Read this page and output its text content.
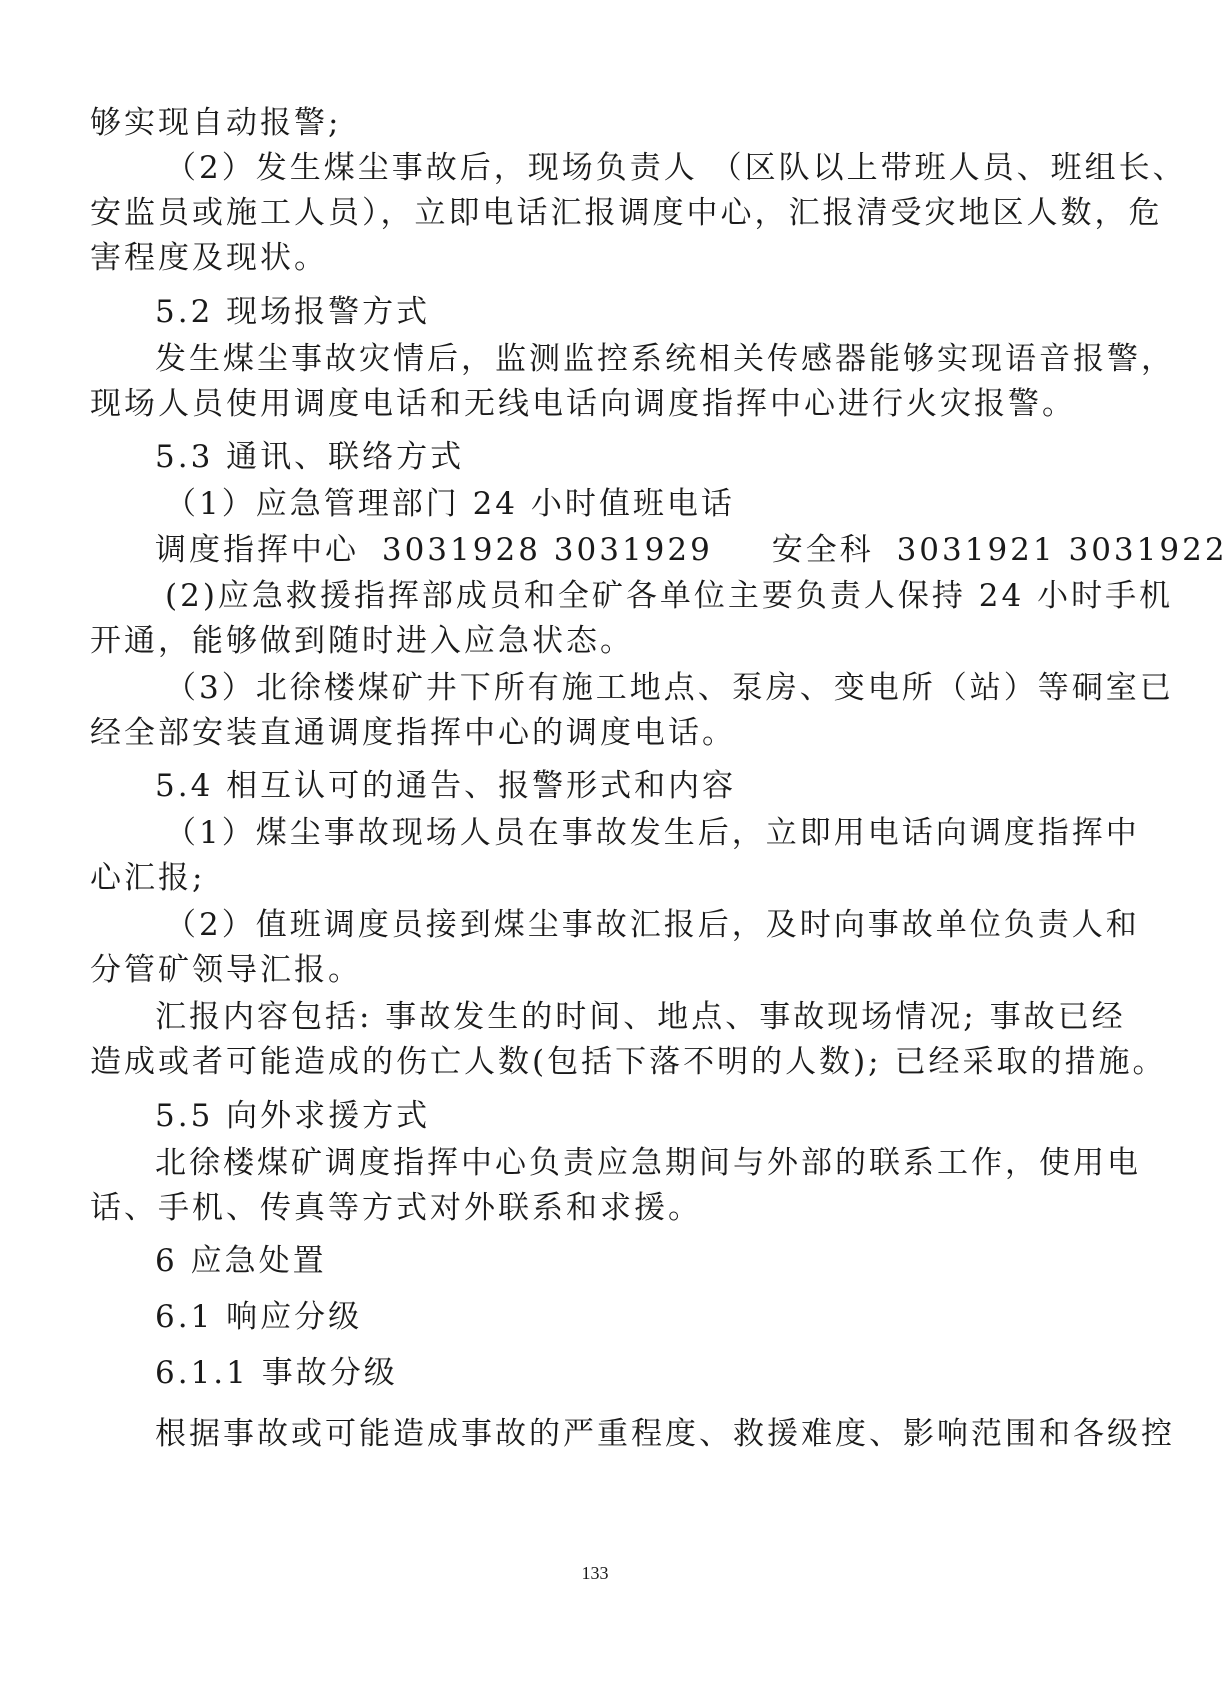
够实现自动报警;
（2）发生煤尘事故后，现场负责人 （区队以上带班人员、班组长、
安监员或施工人员），立即电话汇报调度中心，汇报清受灾地区人数，危
害程度及现状。
5.2 现场报警方式
发生煤尘事故灾情后，监测监控系统相关传感器能够实现语音报警，
现场人员使用调度电话和无线电话向调度指挥中心进行火灾报警。
5.3 通讯、联络方式
（1）应急管理部门 24 小时值班电话
调度指挥中心 3031928 3031929 安全科 3031921 3031922
(2)应急救援指挥部成员和全矿各单位主要负责人保持 24 小时手机
开通，能够做到随时进入应急状态。
（3）北徐楼煤矿井下所有施工地点、泵房、变电所（站）等硐室已
经全部安装直通调度指挥中心的调度电话。
5.4 相互认可的通告、报警形式和内容
（1）煤尘事故现场人员在事故发生后，立即用电话向调度指挥中
心汇报;
（2）值班调度员接到煤尘事故汇报后，及时向事故单位负责人和
分管矿领导汇报。
汇报内容包括: 事故发生的时间、地点、事故现场情况; 事故已经
造成或者可能造成的伤亡人数(包括下落不明的人数); 已经采取的措施。
5.5 向外求援方式
北徐楼煤矿调度指挥中心负责应急期间与外部的联系工作，使用电
话、手机、传真等方式对外联系和求援。
6 应急处置
6.1 响应分级
6.1.1 事故分级
根据事故或可能造成事故的严重程度、救援难度、影响范围和各级控
133
